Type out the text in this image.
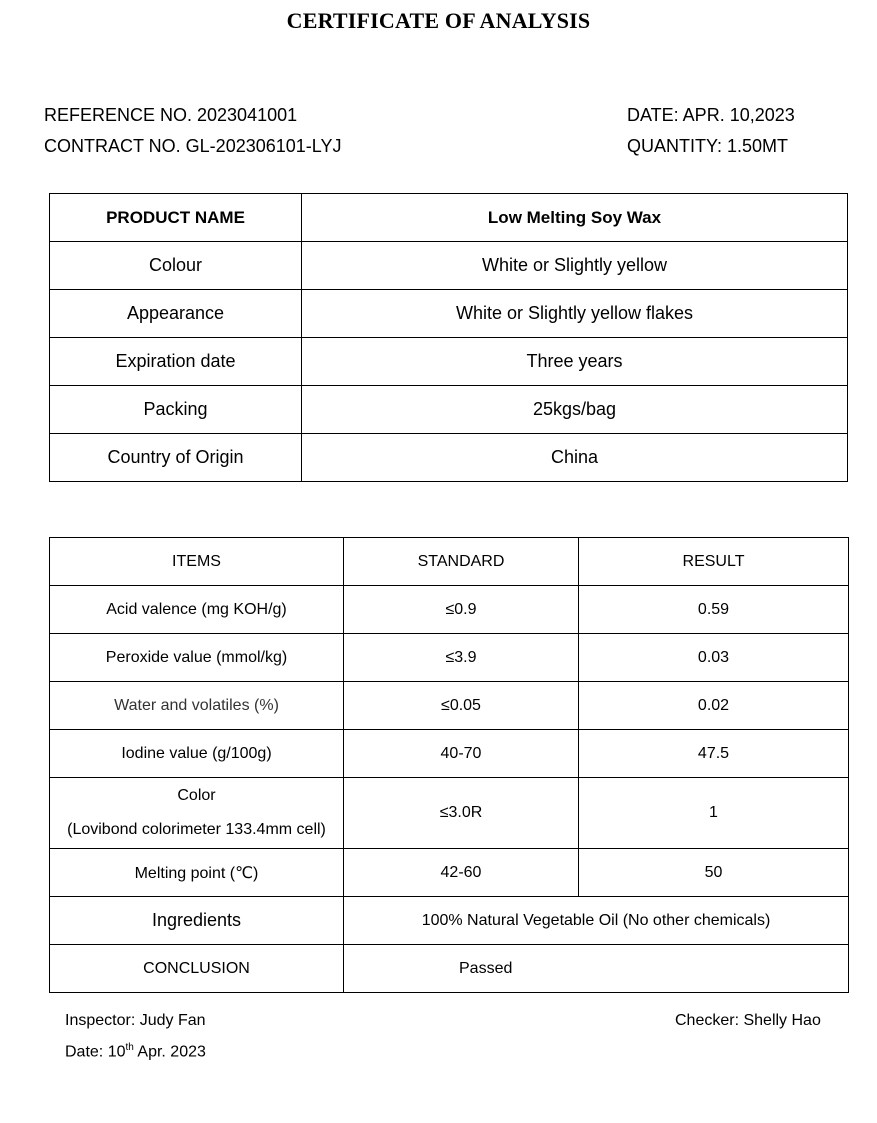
CERTIFICATE OF ANALYSIS
REFERENCE NO. 2023041001
CONTRACT NO. GL-202306101-LYJ
DATE: APR. 10,2023
QUANTITY: 1.50MT
PRODUCT NAME	Low Melting Soy Wax
Colour	White or Slightly yellow
Appearance	White or Slightly yellow flakes
Expiration date	Three years
Packing	25kgs/bag
Country of Origin	China
ITEMS	STANDARD	RESULT
Acid valence (mg KOH/g)	≤0.9	0.59
Peroxide value (mmol/kg)	≤3.9	0.03
Water and volatiles (%)	≤0.05	0.02
Iodine value (g/100g)	40-70	47.5

Color
(Lovibond colorimeter 133.4mm cell)	≤3.0R	1
Melting point (℃)	42-60	50
Ingredients	100% Natural Vegetable Oil (No other chemicals)	
CONCLUSION	Passed	
Inspector: Judy Fan
Date: 10th Apr. 2023
Checker: Shelly Hao
